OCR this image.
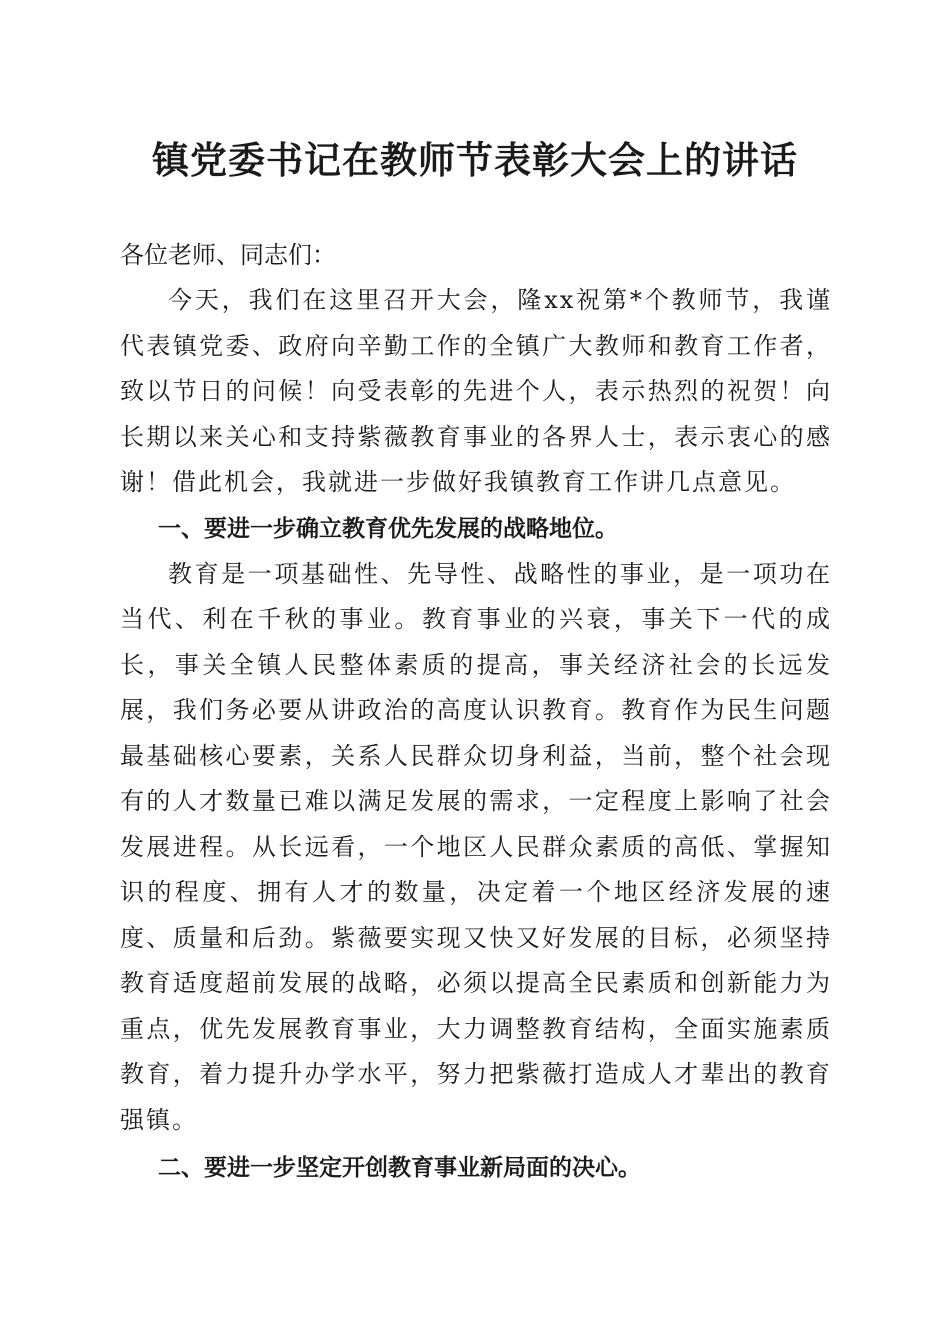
镇党委书记在教师节表彰大会上的讲话

各位老师、同志们：

今天，我们在这里召开大会，隆xx祝第*个教师节，我谨代表镇党委、政府向辛勤工作的全镇广大教师和教育工作者，致以节日的问候！向受表彰的先进个人，表示热烈的祝贺！向长期以来关心和支持紫薇教育事业的各界人士，表示衷心的感谢！借此机会，我就进一步做好我镇教育工作讲几点意见。

一、要进一步确立教育优先发展的战略地位。

教育是一项基础性、先导性、战略性的事业，是一项功在当代、利在千秋的事业。教育事业的兴衰，事关下一代的成长，事关全镇人民整体素质的提高，事关经济社会的长远发展，我们务必要从讲政治的高度认识教育。教育作为民生问题最基础核心要素，关系人民群众切身利益，当前，整个社会现有的人才数量已难以满足发展的需求，一定程度上影响了社会发展进程。从长远看，一个地区人民群众素质的高低、掌握知识的程度、拥有人才的数量，决定着一个地区经济发展的速度、质量和后劲。紫薇要实现又快又好发展的目标，必须坚持教育适度超前发展的战略，必须以提高全民素质和创新能力为重点，优先发展教育事业，大力调整教育结构，全面实施素质教育，着力提升办学水平，努力把紫薇打造成人才辈出的教育强镇。

二、要进一步坚定开创教育事业新局面的决心。
